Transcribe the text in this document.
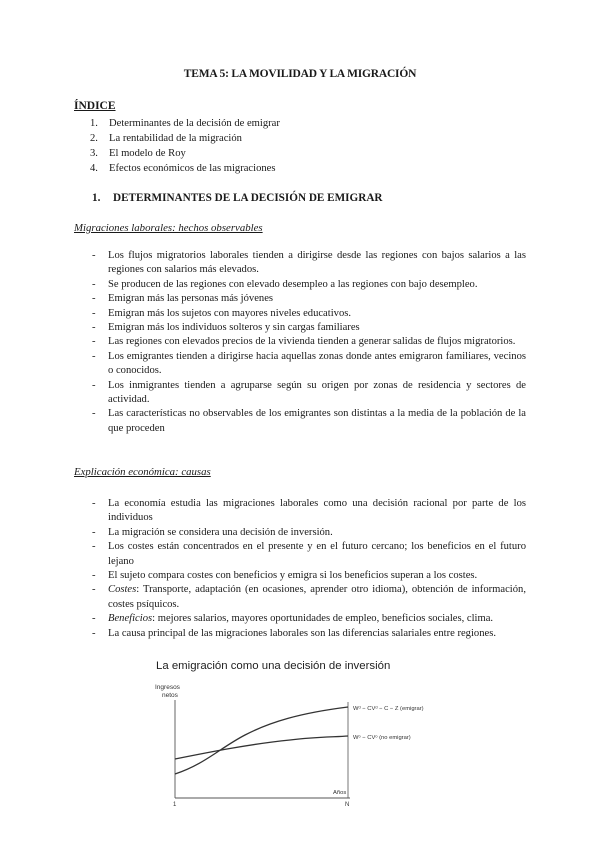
TEMA 5: LA MOVILIDAD Y LA MIGRACIÓN
ÍNDICE
1.	Determinantes de la decisión de emigrar
2.	La rentabilidad de la migración
3.	El modelo de Roy
4.	Efectos económicos de las migraciones
1. DETERMINANTES DE LA DECISIÓN DE EMIGRAR
Migraciones laborales: hechos observables
-	Los flujos migratorios laborales tienden a dirigirse desde las regiones con bajos salarios a las regiones con salarios más elevados.
-	Se producen de las regiones con elevado desempleo a las regiones con bajo desempleo.
-	Emigran más las personas más jóvenes
-	Emigran más los sujetos con mayores niveles educativos.
-	Emigran más los individuos solteros y sin cargas familiares
-	Las regiones con elevados precios de la vivienda tienden a generar salidas de flujos migratorios.
-	Los emigrantes tienden a dirigirse hacia aquellas zonas donde antes emigraron familiares, vecinos o conocidos.
-	Los inmigrantes tienden a agruparse según su origen por zonas de residencia y sectores de actividad.
-	Las características no observables de los emigrantes son distintas a la media de la población de la que proceden
Explicación económica: causas
-	La economía estudia las migraciones laborales como una decisión racional por parte de los individuos
-	La migración se considera una decisión de inversión.
-	Los costes están concentrados en el presente y en el futuro cercano; los beneficios en el futuro lejano
-	El sujeto compara costes con beneficios y emigra si los beneficios superan a los costes.
-	Costes: Transporte, adaptación (en ocasiones, aprender otro idioma), obtención de información, costes psíquicos.
-	Beneficios: mejores salarios, mayores oportunidades de empleo, beneficios sociales, clima.
-	La causa principal de las migraciones laborales son las diferencias salariales entre regiones.
La emigración como una decisión de inversión
Ingresos
netos
Wᵈ − CVᵈ − C − Z (emigrar)
Wᵒ − CVᵒ (no emigrar)
Años
1	N
